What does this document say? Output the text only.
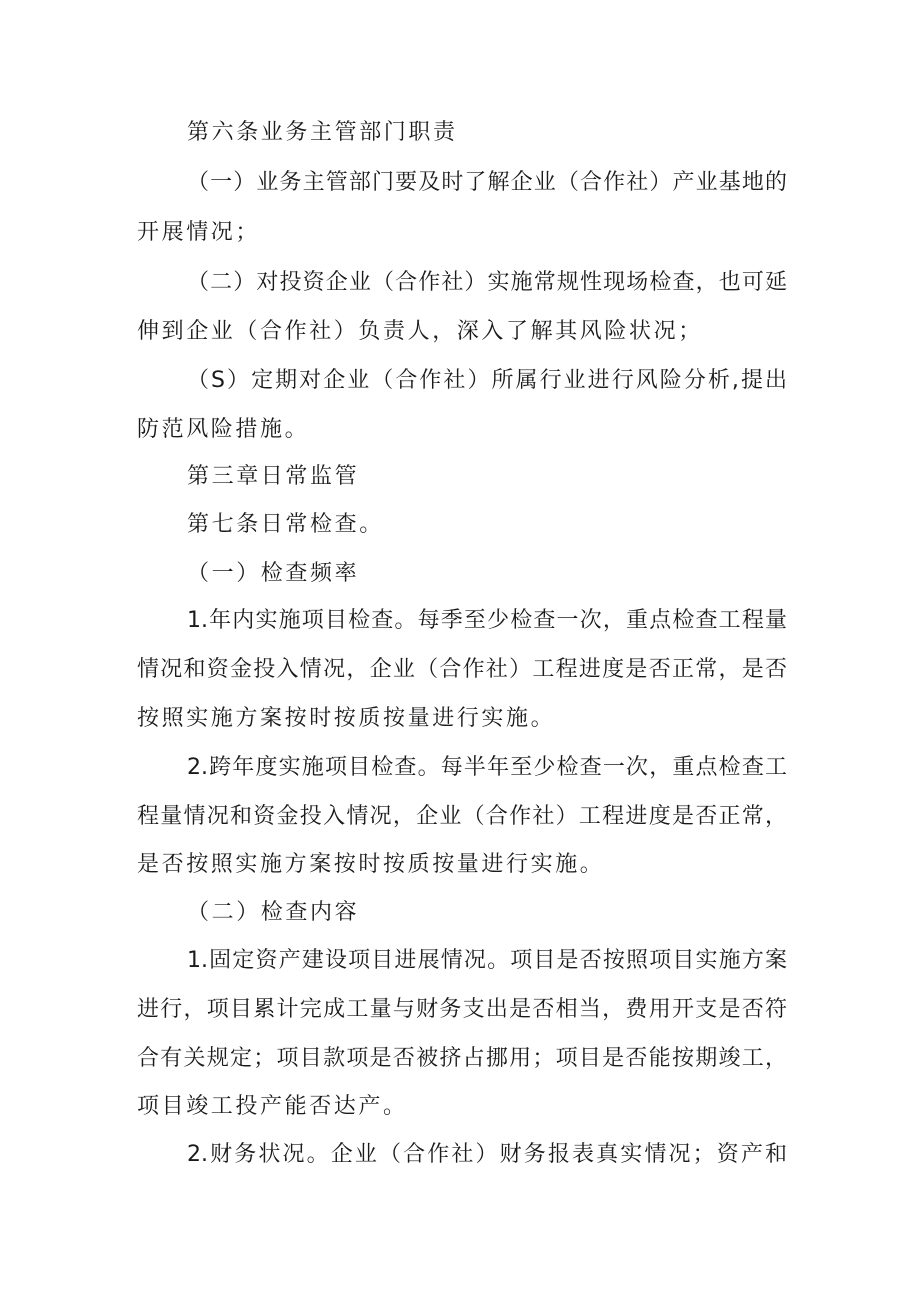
第六条业务主管部门职责
（一）业务主管部门要及时了解企业（合作社）产业基地的
开展情况；
（二）对投资企业（合作社）实施常规性现场检查，也可延
伸到企业（合作社）负责人，深入了解其风险状况；
（S）定期对企业（合作社）所属行业进行风险分析,提出
防范风险措施。
第三章日常监管
第七条日常检查。
（一）检查频率
1.年内实施项目检查。每季至少检查一次，重点检查工程量
情况和资金投入情况，企业（合作社）工程进度是否正常，是否
按照实施方案按时按质按量进行实施。
2.跨年度实施项目检查。每半年至少检查一次，重点检查工
程量情况和资金投入情况，企业（合作社）工程进度是否正常，
是否按照实施方案按时按质按量进行实施。
（二）检查内容
1.固定资产建设项目进展情况。项目是否按照项目实施方案
进行，项目累计完成工量与财务支出是否相当，费用开支是否符
合有关规定；项目款项是否被挤占挪用；项目是否能按期竣工，
项目竣工投产能否达产。
2.财务状况。企业（合作社）财务报表真实情况；资产和
